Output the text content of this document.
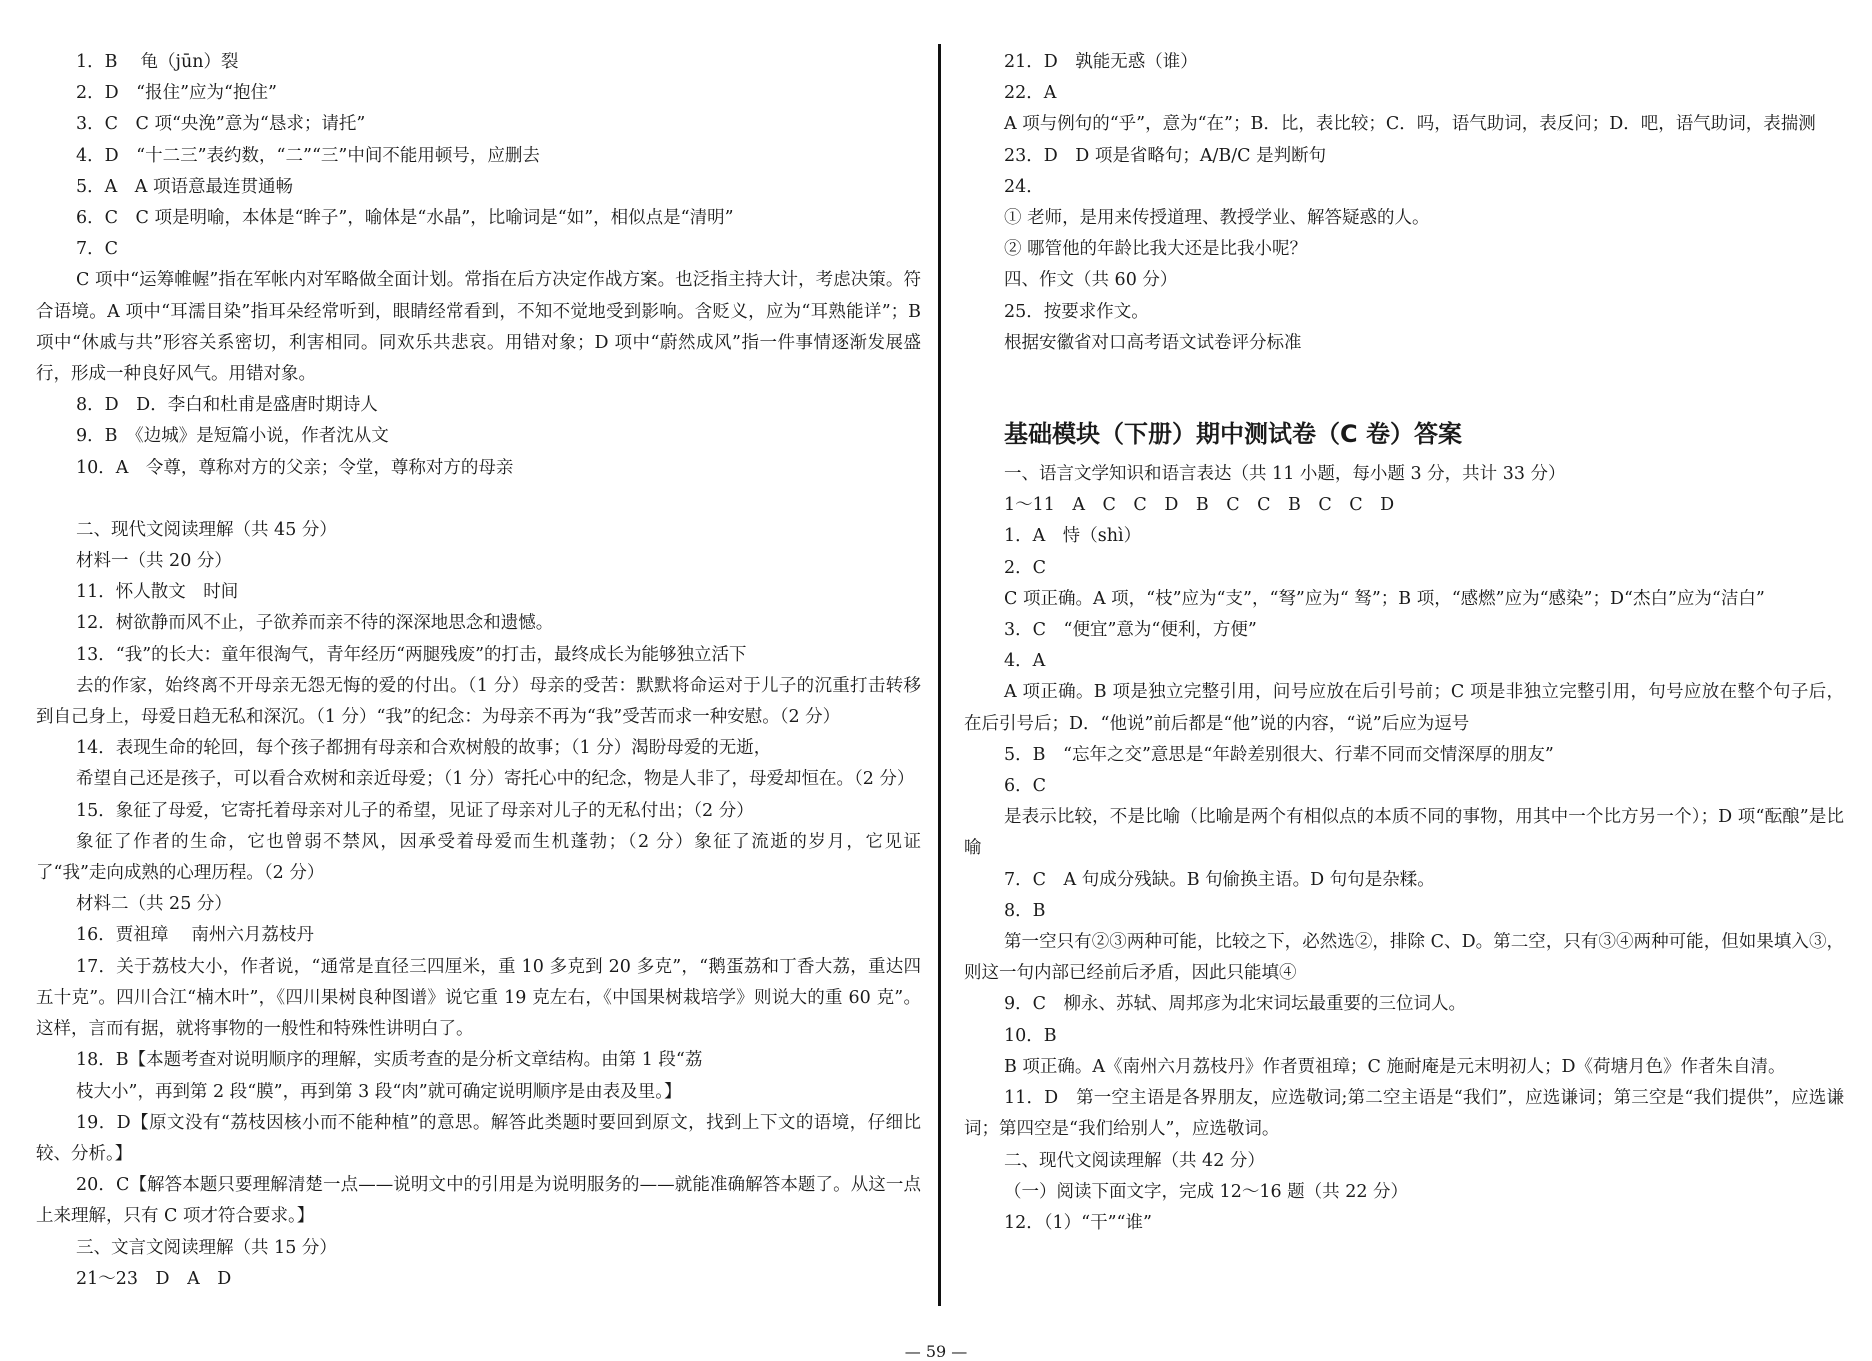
1．B　 龟（jūn）裂
2．D　“报住”应为“抱住”
3．C　C 项“央浼”意为“恳求；请托”
4．D　“十二三”表约数，“二”“三”中间不能用顿号，应删去
5．A　A 项语意最连贯通畅
6．C　C 项是明喻，本体是“眸子”，喻体是“水晶”，比喻词是“如”，相似点是“清明”
7．C
C 项中“运筹帷幄”指在军帐内对军略做全面计划。常指在后方决定作战方案。也泛指主持大计，考虑决策。符合语境。A 项中“耳濡目染”指耳朵经常听到，眼睛经常看到，不知不觉地受到影响。含贬义，应为“耳熟能详”；B 项中“休戚与共”形容关系密切，利害相同。同欢乐共悲哀。用错对象；D 项中“蔚然成风”指一件事情逐渐发展盛行，形成一种良好风气。用错对象。
8．D　D．李白和杜甫是盛唐时期诗人
9．B　《边城》是短篇小说，作者沈从文
10．A　令尊，尊称对方的父亲；令堂，尊称对方的母亲
二、现代文阅读理解（共 45 分）
材料一（共 20 分）
11．怀人散文　时间
12．树欲静而风不止，子欲养而亲不待的深深地思念和遗憾。
13．“我”的长大：童年很淘气，青年经历“两腿残废”的打击，最终成长为能够独立活下
去的作家，始终离不开母亲无怨无悔的爱的付出。（1 分）母亲的受苦：默默将命运对于儿子的沉重打击转移到自己身上，母爱日趋无私和深沉。（1 分）“我”的纪念：为母亲不再为“我”受苦而求一种安慰。（2 分）
14．表现生命的轮回，每个孩子都拥有母亲和合欢树般的故事；（1 分）渴盼母爱的无逝，
希望自己还是孩子，可以看合欢树和亲近母爱；（1 分）寄托心中的纪念，物是人非了，母爱却恒在。（2 分）
15．象征了母爱，它寄托着母亲对儿子的希望，见证了母亲对儿子的无私付出；（2 分）
象征了作者的生命，它也曾弱不禁风，因承受着母爱而生机蓬勃；（2 分）象征了流逝的岁月，它见证了“我”走向成熟的心理历程。（2 分）
材料二（共 25 分）
16．贾祖璋　 南州六月荔枝丹
17．关于荔枝大小，作者说，“通常是直径三四厘米，重 10 多克到 20 多克”，“鹅蛋荔和丁香大荔，重达四五十克”。四川合江“楠木叶”，《四川果树良种图谱》说它重 19 克左右，《中国果树栽培学》则说大的重 60 克”。这样，言而有据，就将事物的一般性和特殊性讲明白了。
18．B【本题考查对说明顺序的理解，实质考查的是分析文章结构。由第 1 段“荔
枝大小”，再到第 2 段“膜”，再到第 3 段“肉”就可确定说明顺序是由表及里。】
19．D【原文没有“荔枝因核小而不能种植”的意思。解答此类题时要回到原文，找到上下文的语境，仔细比较、分析。】
20．C【解答本题只要理解清楚一点——说明文中的引用是为说明服务的——就能准确解答本题了。从这一点上来理解，只有 C 项才符合要求。】
三、文言文阅读理解（共 15 分）
21～23　D　A　D
21．D　孰能无惑（谁）
22．A
A 项与例句的“乎”，意为“在”；B．比，表比较；C．吗，语气助词，表反问；D．吧，语气助词，表揣测
23．D　D 项是省略句；A/B/C 是判断句
24．
① 老师，是用来传授道理、教授学业、解答疑惑的人。
② 哪管他的年龄比我大还是比我小呢？
四、作文（共 60 分）
25．按要求作文。
根据安徽省对口高考语文试卷评分标准
基础模块（下册）期中测试卷（C 卷）答案
一、语言文学知识和语言表达（共 11 小题，每小题 3 分，共计 33 分）
1～11　A　C　C　D　B　C　C　B　C　C　D
1．A　恃（shì）
2．C
C 项正确。A 项，“枝”应为“支”，“弩”应为“ 驽”；B 项，“感燃”应为“感染”；D“杰白”应为“洁白”
3．C　“便宜”意为“便利，方便”
4．A
A 项正确。B 项是独立完整引用，问号应放在后引号前；C 项是非独立完整引用，句号应放在整个句子后，在后引号后；D．“他说”前后都是“他”说的内容，“说”后应为逗号
5．B　“忘年之交”意思是“年龄差别很大、行辈不同而交情深厚的朋友”
6．C
是表示比较，不是比喻（比喻是两个有相似点的本质不同的事物，用其中一个比方另一个）；D 项“酝酿”是比喻
7．C　A 句成分残缺。B 句偷换主语。D 句句是杂糅。
8．B
第一空只有②③两种可能，比较之下，必然选②，排除 C、D。第二空，只有③④两种可能，但如果填入③，则这一句内部已经前后矛盾，因此只能填④
9．C　柳永、苏轼、周邦彦为北宋词坛最重要的三位词人。
10．B
B 项正确。A《南州六月荔枝丹》作者贾祖璋；C 施耐庵是元末明初人；D《荷塘月色》作者朱自清。
11．D　第一空主语是各界朋友，应选敬词;第二空主语是“我们”，应选谦词；第三空是“我们提供”，应选谦词；第四空是“我们给别人”，应选敬词。
二、现代文阅读理解（共 42 分）
（一）阅读下面文字，完成 12～16 题（共 22 分）
12．（1）“干”“谁”
— 59 —
